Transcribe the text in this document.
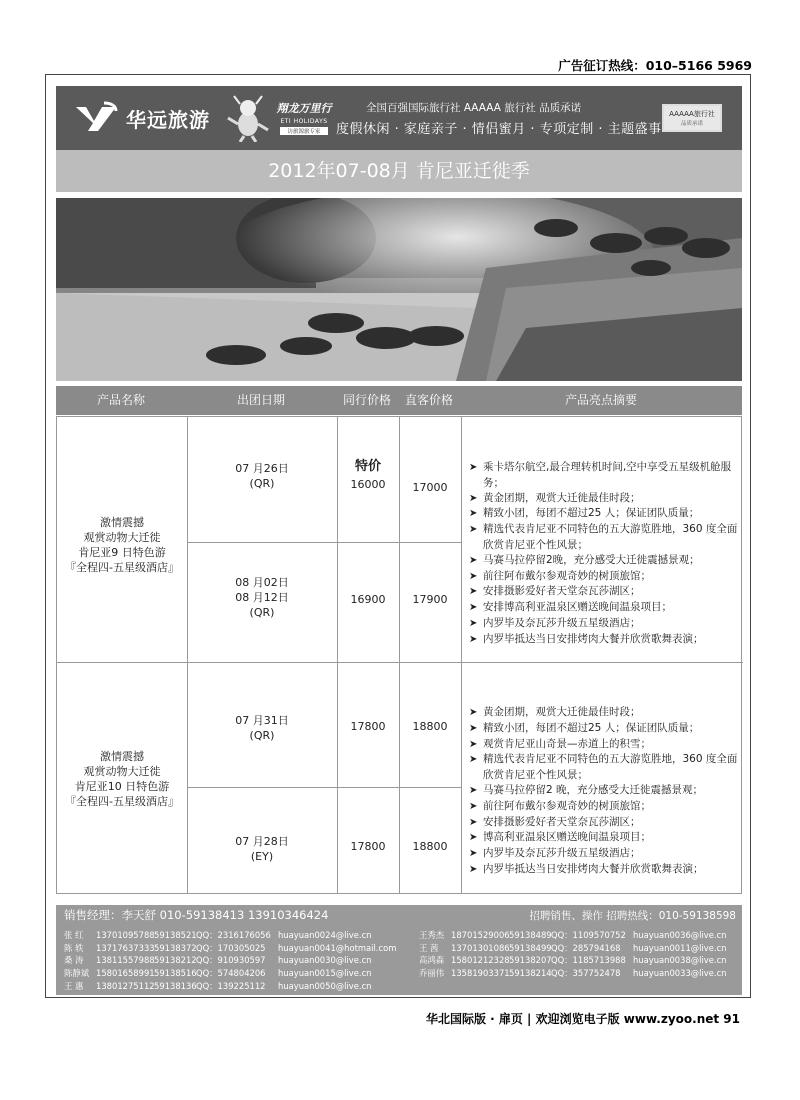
广告征订热线：010–5166 5969
华远旅游	翔龙万里行
ETI HOLIDAYS
访旅源旅专家
全国百强国际旅行社 AAAAA 旅行社 品质承诺
度假休闲 · 家庭亲子 · 情侣蜜月 · 专项定制 · 主题盛事
AAAAA旅行社
品质承诺
2012年07-08月 肯尼亚迁徙季
产品名称	出团日期	同行价格	直客价格	产品亮点摘要
激情震撼
观赏动物大迁徙
肯尼亚9 日特色游
『全程四-五星级酒店』
07 月26日
(QR)
特价
16000	17000
08 月02日
08 月12日
(QR)
16900	17900
➤ 乘卡塔尔航空,最合理转机时间,空中享受五星级机舱服务；
➤ 黄金团期，观赏大迁徙最佳时段；
➤ 精致小团，每团不超过25 人；保证团队质量；
➤ 精选代表肯尼亚不同特色的五大游览胜地，360 度全面欣赏肯尼亚个性风景；
➤ 马赛马拉停留2晚，充分感受大迁徙震撼景观；
➤ 前往阿布戴尔参观奇妙的树顶旅馆；
➤ 安排摄影爱好者天堂奈瓦莎湖区；
➤ 安排博高利亚温泉区赠送晚间温泉项目；
➤ 内罗毕及奈瓦莎升级五星级酒店；
➤ 内罗毕抵达当日安排烤肉大餐并欣赏歌舞表演；
激情震撼
观赏动物大迁徙
肯尼亚10 日特色游
『全程四-五星级酒店』
07 月31日
(QR)
17800	18800
07 月28日
(EY)
17800	18800
➤ 黄金团期，观赏大迁徙最佳时段；
➤ 精致小团，每团不超过25 人；保证团队质量；
➤ 观赏肯尼亚山奇景—赤道上的积雪；
➤ 精选代表肯尼亚不同特色的五大游览胜地，360 度全面欣赏肯尼亚个性风景；
➤ 马赛马拉停留2 晚，充分感受大迁徙震撼景观；
➤ 前往阿布戴尔参观奇妙的树顶旅馆；
➤ 安排摄影爱好者天堂奈瓦莎湖区；
➤ 博高利亚温泉区赠送晚间温泉项目；
➤ 内罗毕及奈瓦莎升级五星级酒店；
➤ 内罗毕抵达当日安排烤肉大餐并欣赏歌舞表演；
销售经理：李天舒 010-59138413 13910346424	招聘销售、操作 招聘热线：010-59138598
张 红 1370109578859138521QQ：2316176056 huayuan0024@live.cn
陈 轶 1371763733359138372QQ：170305025 huayuan0041@hotmail.com
桑 涛 1381155798859138212QQ：910930597 huayuan0030@live.cn
陈静斌 1580165899159138516QQ：574804206 huayuan0015@live.cn
王 惠 1380127511259138136QQ：139225112 huayuan0050@live.cn
王秀杰 1870152900659138489QQ：1109570752 huayuan0036@live.cn
王 茜 1370130108659138499QQ：285794168 huayuan0011@live.cn
高鸿森 1580121232859138207QQ：1185713988 huayuan0038@live.cn
乔丽伟 1358190337159138214QQ：357752478 huayuan0033@live.cn
华北国际版 · 扉页 | 欢迎浏览电子版 www.zyoo.net 91
